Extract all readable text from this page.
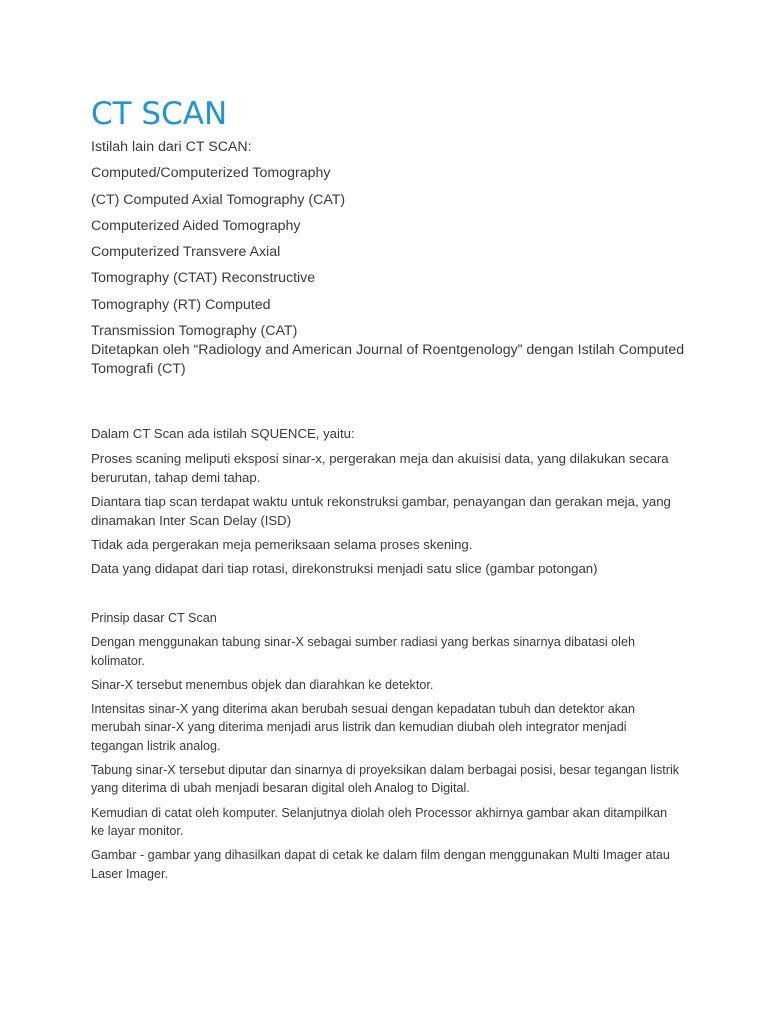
CT SCAN
Istilah lain dari CT SCAN:
Computed/Computerized Tomography
(CT) Computed Axial Tomography (CAT)
Computerized Aided Tomography
Computerized Transvere Axial
Tomography (CTAT) Reconstructive
Tomography (RT) Computed
Transmission Tomography (CAT)

Ditetapkan oleh “Radiology and American Journal of Roentgenology” dengan Istilah Computed Tomografi (CT)

Dalam CT Scan ada istilah SQUENCE, yaitu:

Proses scaning meliputi eksposi sinar-x, pergerakan meja dan akuisisi data, yang dilakukan secara berurutan, tahap demi tahap.

Diantara tiap scan terdapat waktu untuk rekonstruksi gambar, penayangan dan gerakan meja, yang dinamakan Inter Scan Delay (ISD)

Tidak ada pergerakan meja pemeriksaan selama proses skening.

Data yang didapat dari tiap rotasi, direkonstruksi menjadi satu slice (gambar potongan)

Prinsip dasar CT Scan

Dengan menggunakan tabung sinar-X sebagai sumber radiasi yang berkas sinarnya dibatasi oleh kolimator.

Sinar-X tersebut menembus objek dan diarahkan ke detektor.

Intensitas sinar-X yang diterima akan berubah sesuai dengan kepadatan tubuh dan detektor akan merubah sinar-X yang diterima menjadi arus listrik dan kemudian diubah oleh integrator menjadi tegangan listrik analog.

Tabung sinar-X tersebut diputar dan sinarnya di proyeksikan dalam berbagai posisi, besar tegangan listrik yang diterima di ubah menjadi besaran digital oleh Analog to Digital.

Kemudian di catat oleh komputer. Selanjutnya diolah oleh Processor akhirnya gambar akan ditampilkan ke layar monitor.

Gambar - gambar yang dihasilkan dapat di cetak ke dalam film dengan menggunakan Multi Imager atau Laser Imager.
